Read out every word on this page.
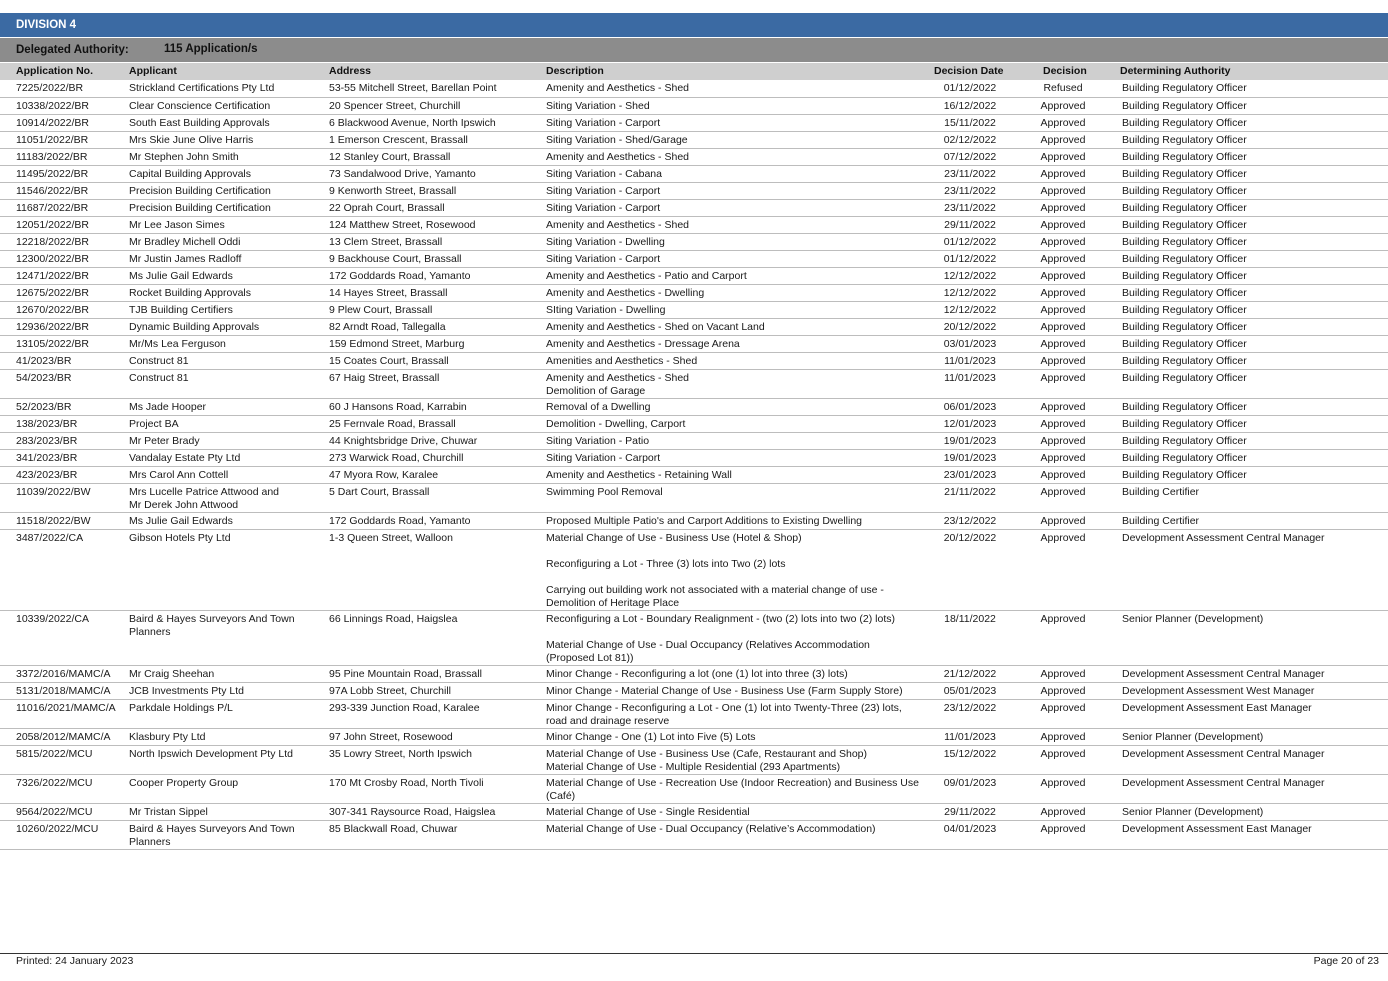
DIVISION 4
Delegated Authority:	115 Application/s
Application No.	Applicant	Address	Description	Decision Date	Decision	Determining Authority
7225/2022/BR	Strickland Certifications Pty Ltd	53-55 Mitchell Street, Barellan Point	Amenity and Aesthetics - Shed	01/12/2022	Refused	Building Regulatory Officer
10338/2022/BR	Clear Conscience Certification	20 Spencer Street, Churchill	Siting Variation - Shed	16/12/2022	Approved	Building Regulatory Officer
10914/2022/BR	South East Building Approvals	6 Blackwood Avenue, North Ipswich	Siting Variation - Carport	15/11/2022	Approved	Building Regulatory Officer
11051/2022/BR	Mrs Skie June Olive Harris	1 Emerson Crescent, Brassall	Siting Variation - Shed/Garage	02/12/2022	Approved	Building Regulatory Officer
11183/2022/BR	Mr Stephen John Smith	12 Stanley Court, Brassall	Amenity and Aesthetics - Shed	07/12/2022	Approved	Building Regulatory Officer
11495/2022/BR	Capital Building Approvals	73 Sandalwood Drive, Yamanto	Siting Variation - Cabana	23/11/2022	Approved	Building Regulatory Officer
11546/2022/BR	Precision Building Certification	9 Kenworth Street, Brassall	Siting Variation - Carport	23/11/2022	Approved	Building Regulatory Officer
11687/2022/BR	Precision Building Certification	22 Oprah Court, Brassall	Siting Variation - Carport	23/11/2022	Approved	Building Regulatory Officer
12051/2022/BR	Mr Lee Jason Simes	124 Matthew Street, Rosewood	Amenity and Aesthetics - Shed	29/11/2022	Approved	Building Regulatory Officer
12218/2022/BR	Mr Bradley Michell Oddi	13 Clem Street, Brassall	Siting Variation - Dwelling	01/12/2022	Approved	Building Regulatory Officer
12300/2022/BR	Mr Justin James Radloff	9 Backhouse Court, Brassall	Siting Variation - Carport	01/12/2022	Approved	Building Regulatory Officer
12471/2022/BR	Ms Julie Gail Edwards	172 Goddards Road, Yamanto	Amenity and Aesthetics - Patio and Carport	12/12/2022	Approved	Building Regulatory Officer
12675/2022/BR	Rocket Building Approvals	14 Hayes Street, Brassall	Amenity and Aesthetics - Dwelling	12/12/2022	Approved	Building Regulatory Officer
12670/2022/BR	TJB Building Certifiers	9 Plew Court, Brassall	SIting Variation - Dwelling	12/12/2022	Approved	Building Regulatory Officer
12936/2022/BR	Dynamic Building Approvals	82 Arndt Road, Tallegalla	Amenity and Aesthetics - Shed on Vacant Land	20/12/2022	Approved	Building Regulatory Officer
13105/2022/BR	Mr/Ms Lea Ferguson	159 Edmond Street, Marburg	Amenity and Aesthetics - Dressage Arena	03/01/2023	Approved	Building Regulatory Officer
41/2023/BR	Construct 81	15 Coates Court, Brassall	Amenities and Aesthetics - Shed	11/01/2023	Approved	Building Regulatory Officer
54/2023/BR	Construct 81	67 Haig Street, Brassall	Amenity and Aesthetics - Shed
Demolition of Garage	11/01/2023	Approved	Building Regulatory Officer
52/2023/BR	Ms Jade Hooper	60 J Hansons Road, Karrabin	Removal of a Dwelling	06/01/2023	Approved	Building Regulatory Officer
138/2023/BR	Project BA	25 Fernvale Road, Brassall	Demolition - Dwelling, Carport	12/01/2023	Approved	Building Regulatory Officer
283/2023/BR	Mr Peter Brady	44 Knightsbridge Drive, Chuwar	Siting Variation - Patio	19/01/2023	Approved	Building Regulatory Officer
341/2023/BR	Vandalay Estate Pty Ltd	273 Warwick Road, Churchill	Siting Variation - Carport	19/01/2023	Approved	Building Regulatory Officer
423/2023/BR	Mrs Carol Ann Cottell	47 Myora Row, Karalee	Amenity and Aesthetics - Retaining Wall	23/01/2023	Approved	Building Regulatory Officer
11039/2022/BW	Mrs Lucelle Patrice Attwood and
Mr Derek John Attwood	5 Dart Court, Brassall	Swimming Pool Removal	21/11/2022	Approved	Building Certifier
11518/2022/BW	Ms Julie Gail Edwards	172 Goddards Road, Yamanto	Proposed Multiple Patio's and Carport Additions to Existing Dwelling	23/12/2022	Approved	Building Certifier
3487/2022/CA	Gibson Hotels Pty Ltd	1-3 Queen Street, Walloon	Material Change of Use - Business Use (Hotel & Shop)

Reconfiguring a Lot - Three (3) lots into Two (2) lots

Carrying out building work not associated with a material change of use -
Demolition of Heritage Place	20/12/2022	Approved	Development Assessment Central Manager
10339/2022/CA	Baird & Hayes Surveyors And Town
Planners	66 Linnings Road, Haigslea	Reconfiguring a Lot - Boundary Realignment - (two (2) lots into two (2) lots)

Material Change of Use - Dual Occupancy (Relatives Accommodation
(Proposed Lot 81))	18/11/2022	Approved	Senior Planner (Development)
3372/2016/MAMC/A	Mr Craig Sheehan	95 Pine Mountain Road, Brassall	Minor Change - Reconfiguring a lot (one (1) lot into three (3) lots)	21/12/2022	Approved	Development Assessment Central Manager
5131/2018/MAMC/A	JCB Investments Pty Ltd	97A Lobb Street, Churchill	Minor Change - Material Change of Use - Business Use (Farm Supply Store)	05/01/2023	Approved	Development Assessment West Manager
11016/2021/MAMC/A	Parkdale Holdings P/L	293-339 Junction Road, Karalee	Minor Change - Reconfiguring a Lot - One (1) lot into Twenty-Three (23) lots,
road and drainage reserve	23/12/2022	Approved	Development Assessment East Manager
2058/2012/MAMC/A	Klasbury Pty Ltd	97 John Street, Rosewood	Minor Change - One (1) Lot into Five (5) Lots	11/01/2023	Approved	Senior Planner (Development)
5815/2022/MCU	North Ipswich Development Pty Ltd	35 Lowry Street, North Ipswich	Material Change of Use - Business Use (Cafe, Restaurant and Shop)
Material Change of Use - Multiple Residential (293 Apartments)	15/12/2022	Approved	Development Assessment Central Manager
7326/2022/MCU	Cooper Property Group	170 Mt Crosby Road, North Tivoli	Material Change of Use - Recreation Use (Indoor Recreation) and Business Use
(Café)	09/01/2023	Approved	Development Assessment Central Manager
9564/2022/MCU	Mr Tristan Sippel	307-341 Raysource Road, Haigslea	Material Change of Use - Single Residential	29/11/2022	Approved	Senior Planner (Development)
10260/2022/MCU	Baird & Hayes Surveyors And Town
Planners	85 Blackwall Road, Chuwar	Material Change of Use - Dual Occupancy (Relative’s Accommodation)	04/01/2023	Approved	Development Assessment East Manager
Printed: 24 January 2023	Page 20 of 23
